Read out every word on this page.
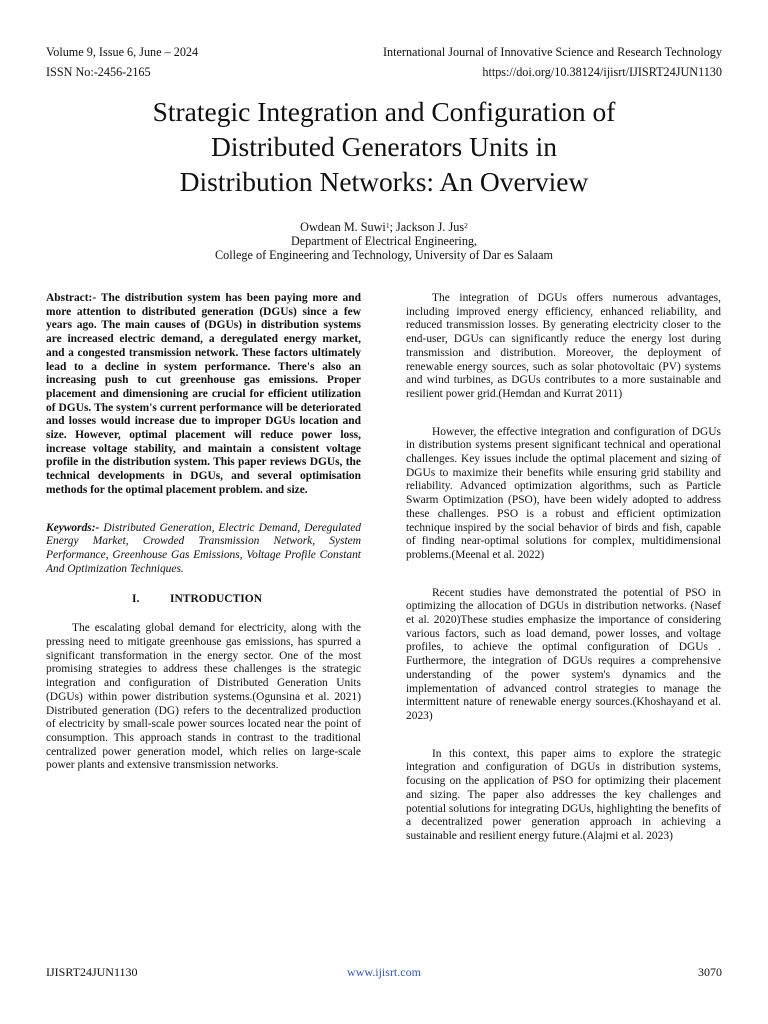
Volume 9, Issue 6, June – 2024
ISSN No:-2456-2165
International Journal of Innovative Science and Research Technology
https://doi.org/10.38124/ijisrt/IJISRT24JUN1130
Strategic Integration and Configuration of
Distributed Generators Units in
Distribution Networks: An Overview
Owdean M. Suwi$^1$; Jackson J. Jus$^2$
Department of Electrical Engineering,
College of Engineering and Technology, University of Dar es Salaam

Abstract:- The distribution system has been paying more and more attention to distributed generation (DGUs) since a few years ago. The main causes of (DGUs) in distribution systems are increased electric demand, a deregulated energy market, and a congested transmission network. These factors ultimately lead to a decline in system performance. There's also an increasing push to cut greenhouse gas emissions. Proper placement and dimensioning are crucial for efficient utilization of DGUs. The system's current performance will be deteriorated and losses would increase due to improper DGUs location and size. However, optimal placement will reduce power loss, increase voltage stability, and maintain a consistent voltage profile in the distribution system. This paper reviews DGUs, the technical developments in DGUs, and several optimisation methods for the optimal placement problem. and size.

Keywords:- Distributed Generation, Electric Demand, Deregulated Energy Market, Crowded Transmission Network, System Performance, Greenhouse Gas Emissions, Voltage Profile Constant And Optimization Techniques.

I.	INTRODUCTION

The escalating global demand for electricity, along with the pressing need to mitigate greenhouse gas emissions, has spurred a significant transformation in the energy sector. One of the most promising strategies to address these challenges is the strategic integration and configuration of Distributed Generation Units (DGUs) within power distribution systems.(Ogunsina et al. 2021) Distributed generation (DG) refers to the decentralized production of electricity by small-scale power sources located near the point of consumption. This approach stands in contrast to the traditional centralized power generation model, which relies on large-scale power plants and extensive transmission networks.

The integration of DGUs offers numerous advantages, including improved energy efficiency, enhanced reliability, and reduced transmission losses. By generating electricity closer to the end-user, DGUs can significantly reduce the energy lost during transmission and distribution. Moreover, the deployment of renewable energy sources, such as solar photovoltaic (PV) systems and wind turbines, as DGUs contributes to a more sustainable and resilient power grid.(Hemdan and Kurrat 2011)

However, the effective integration and configuration of DGUs in distribution systems present significant technical and operational challenges. Key issues include the optimal placement and sizing of DGUs to maximize their benefits while ensuring grid stability and reliability. Advanced optimization algorithms, such as Particle Swarm Optimization (PSO), have been widely adopted to address these challenges. PSO is a robust and efficient optimization technique inspired by the social behavior of birds and fish, capable of finding near-optimal solutions for complex, multidimensional problems.(Meenal et al. 2022)

Recent studies have demonstrated the potential of PSO in optimizing the allocation of DGUs in distribution networks. (Nasef et al. 2020)These studies emphasize the importance of considering various factors, such as load demand, power losses, and voltage profiles, to achieve the optimal configuration of DGUs . Furthermore, the integration of DGUs requires a comprehensive understanding of the power system's dynamics and the implementation of advanced control strategies to manage the intermittent nature of renewable energy sources.(Khoshayand et al. 2023)

In this context, this paper aims to explore the strategic integration and configuration of DGUs in distribution systems, focusing on the application of PSO for optimizing their placement and sizing. The paper also addresses the key challenges and potential solutions for integrating DGUs, highlighting the benefits of a decentralized power generation approach in achieving a sustainable and resilient energy future.(Alajmi et al. 2023)

IJISRT24JUN1130	www.ijisrt.com	3070
